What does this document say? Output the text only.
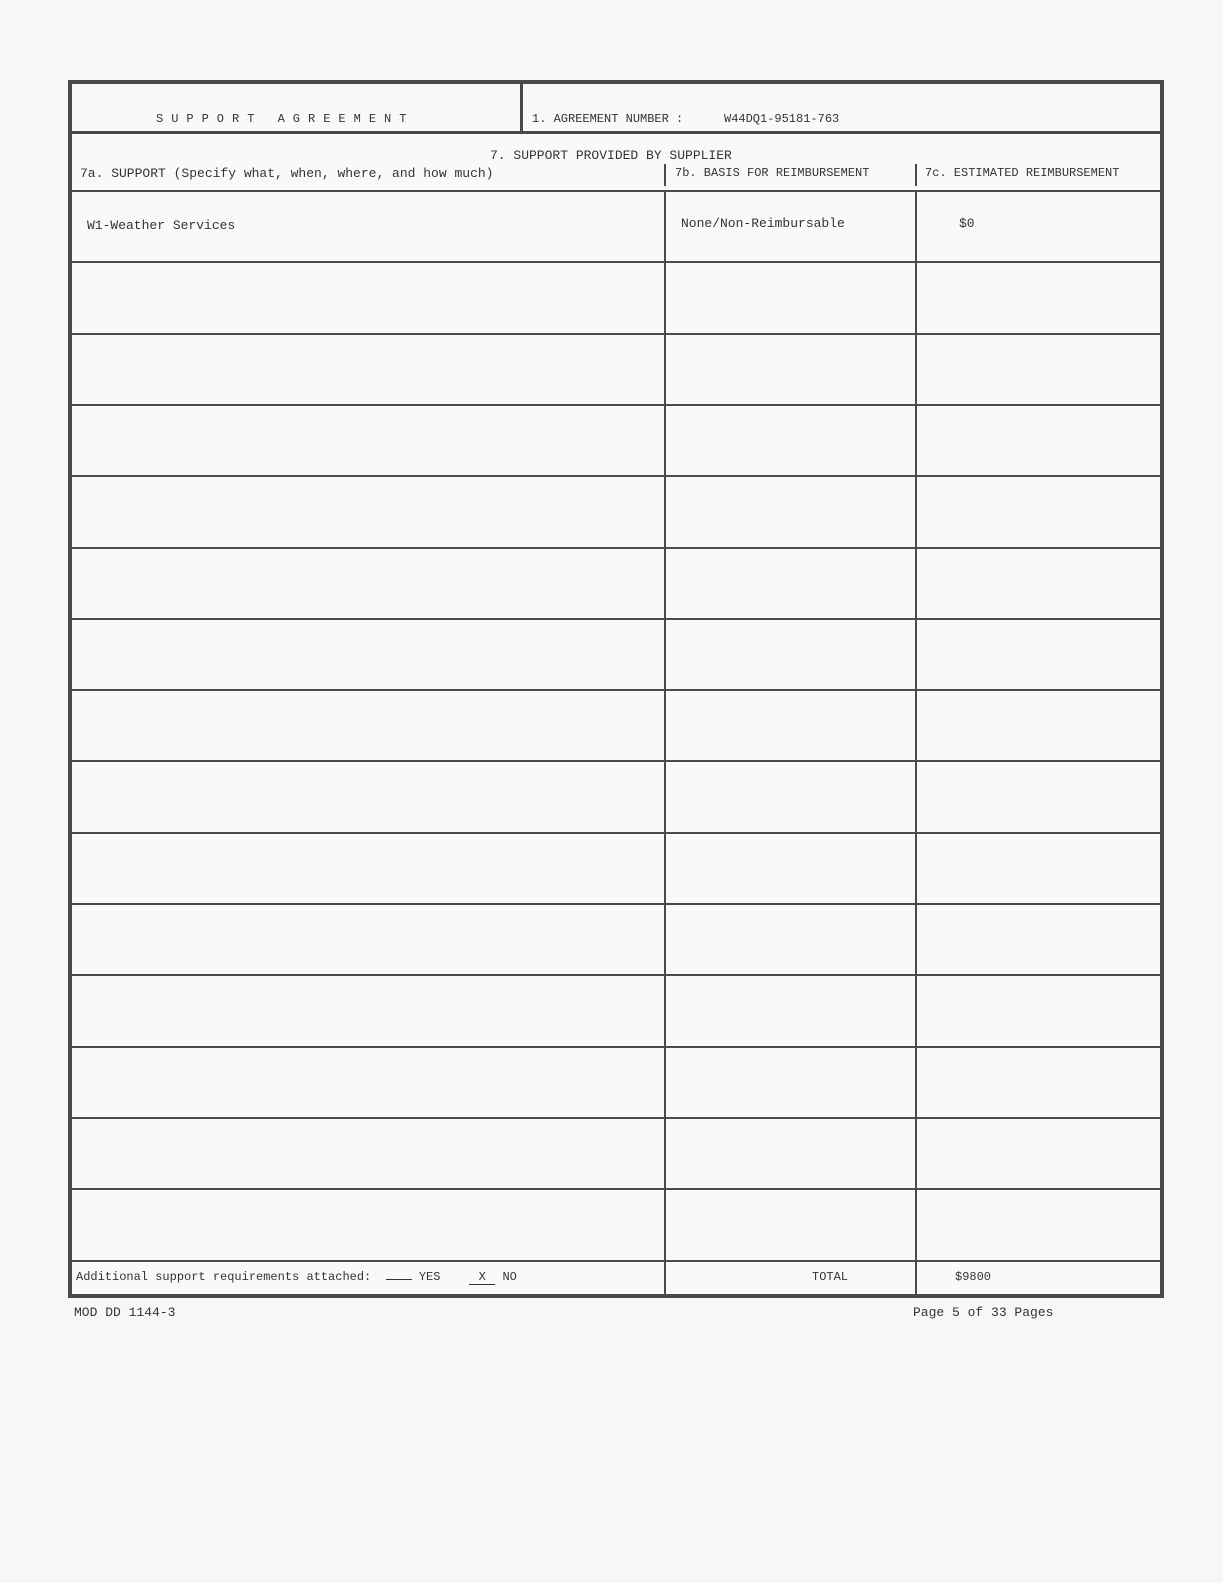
SUPPORT AGREEMENT	1. AGREEMENT NUMBER :	W44DQ1-95181-763
7. SUPPORT PROVIDED BY SUPPLIER
7a. SUPPORT (Specify what, when, where, and how much)	7b. BASIS FOR REIMBURSEMENT	7c. ESTIMATED REIMBURSEMENT
W1-Weather Services	None/Non-Reimbursable	$0
Additional support requirements attached:	YES	X NO	TOTAL	$9800
MOD DD 1144-3	Page 5 of 33 Pages
